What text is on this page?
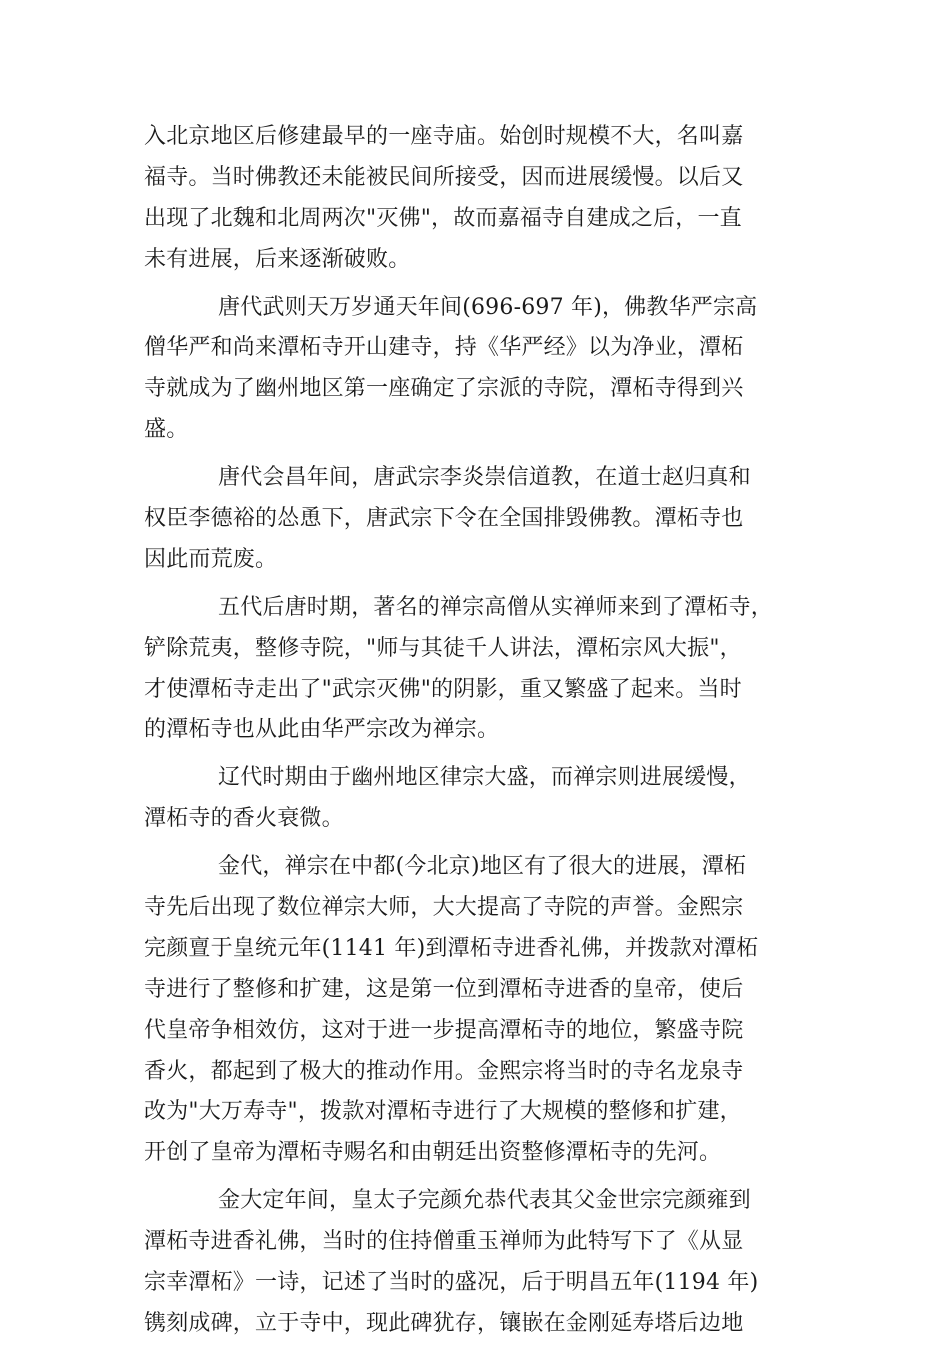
入北京地区后修建最早的一座寺庙。始创时规模不大，名叫嘉
福寺。当时佛教还未能被民间所接受，因而进展缓慢。以后又
出现了北魏和北周两次"灭佛"，故而嘉福寺自建成之后，一直
未有进展，后来逐渐破败。
唐代武则天万岁通天年间(696-697 年)，佛教华严宗高
僧华严和尚来潭柘寺开山建寺，持《华严经》以为净业，潭柘
寺就成为了幽州地区第一座确定了宗派的寺院，潭柘寺得到兴
盛。
唐代会昌年间，唐武宗李炎崇信道教，在道士赵归真和
权臣李德裕的怂恿下，唐武宗下令在全国排毁佛教。潭柘寺也
因此而荒废。
五代后唐时期，著名的禅宗高僧从实禅师来到了潭柘寺，
铲除荒夷，整修寺院，"师与其徒千人讲法，潭柘宗风大振"，
才使潭柘寺走出了"武宗灭佛"的阴影，重又繁盛了起来。当时
的潭柘寺也从此由华严宗改为禅宗。
辽代时期由于幽州地区律宗大盛，而禅宗则进展缓慢，
潭柘寺的香火衰微。
金代，禅宗在中都(今北京)地区有了很大的进展，潭柘
寺先后出现了数位禅宗大师，大大提高了寺院的声誉。金熙宗
完颜亶于皇统元年(1141 年)到潭柘寺进香礼佛，并拨款对潭柘
寺进行了整修和扩建，这是第一位到潭柘寺进香的皇帝，使后
代皇帝争相效仿，这对于进一步提高潭柘寺的地位，繁盛寺院
香火，都起到了极大的推动作用。金熙宗将当时的寺名龙泉寺
改为"大万寿寺"，拨款对潭柘寺进行了大规模的整修和扩建，
开创了皇帝为潭柘寺赐名和由朝廷出资整修潭柘寺的先河。
金大定年间，皇太子完颜允恭代表其父金世宗完颜雍到
潭柘寺进香礼佛，当时的住持僧重玉禅师为此特写下了《从显
宗幸潭柘》一诗，记述了当时的盛况，后于明昌五年(1194 年)
镌刻成碑，立于寺中，现此碑犹存，镶嵌在金刚延寿塔后边地
